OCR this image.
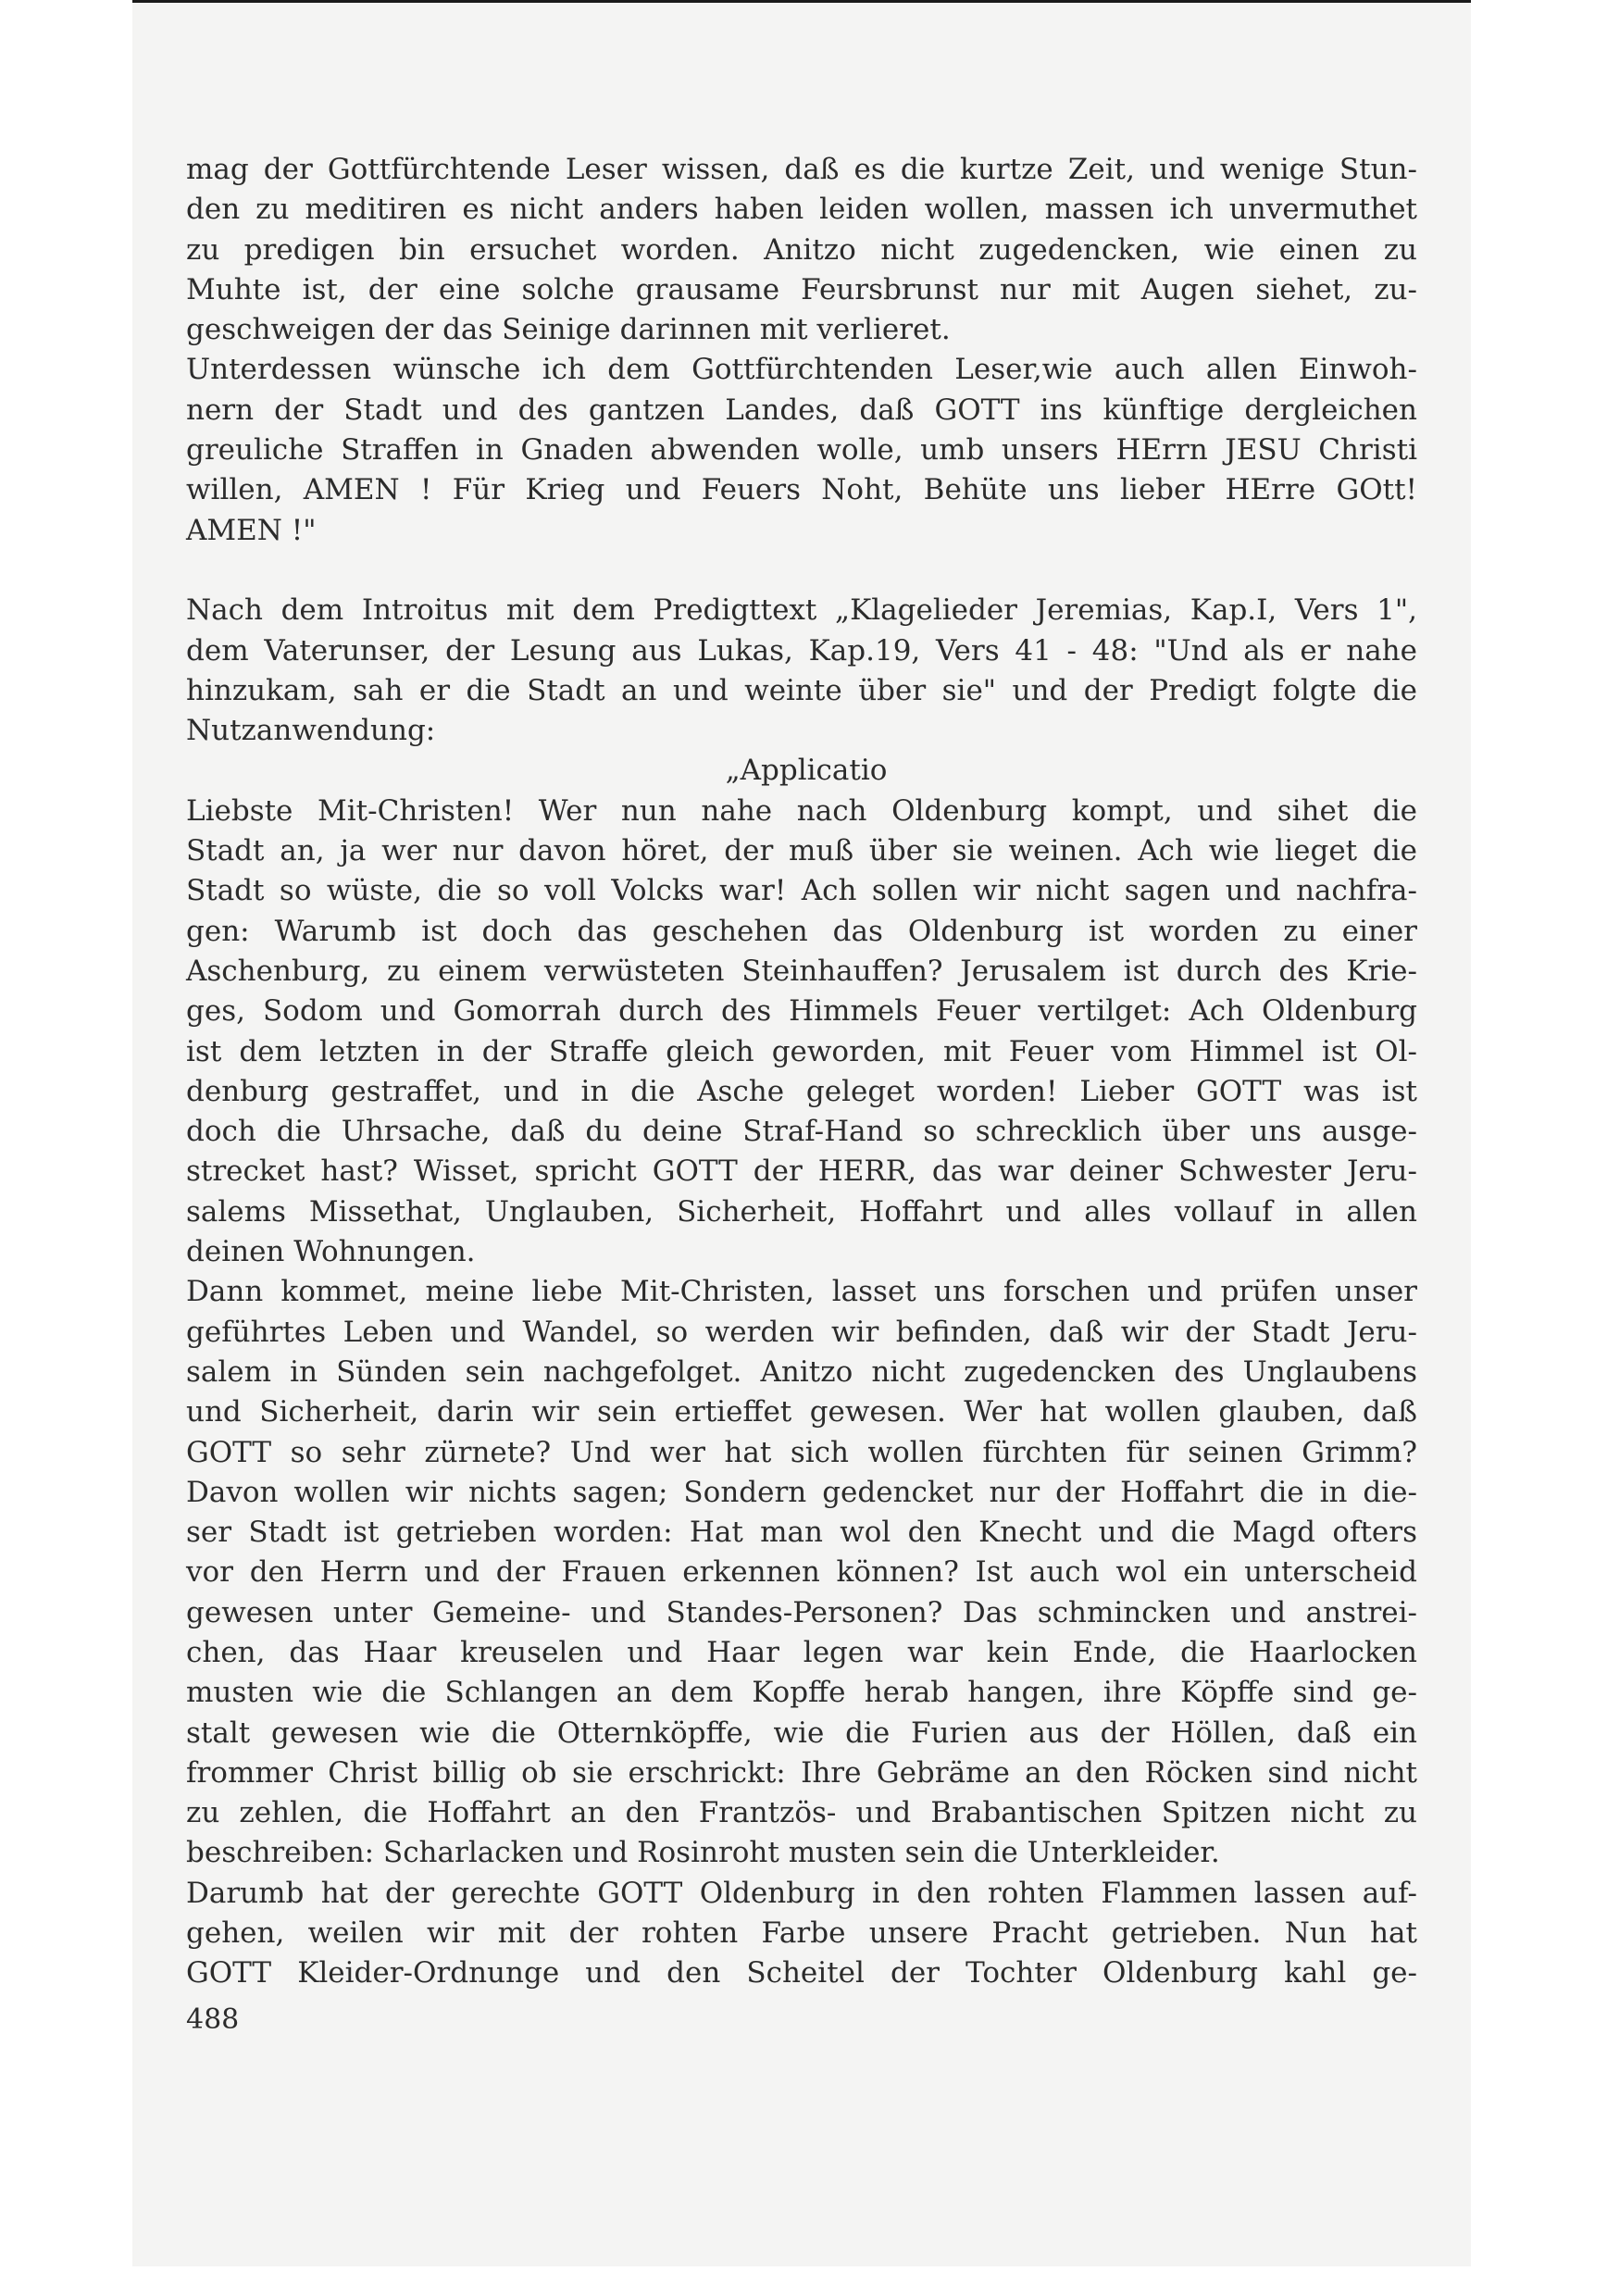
mag der Gottfürchtende Leser wissen, daß es die kurtze Zeit, und wenige Stun-
den zu meditiren es nicht anders haben leiden wollen, massen ich unvermuthet
zu predigen bin ersuchet worden. Anitzo nicht zugedencken, wie einen zu
Muhte ist, der eine solche grausame Feursbrunst nur mit Augen siehet, zu-
geschweigen der das Seinige darinnen mit verlieret.
Unterdessen wünsche ich dem Gottfürchtenden Leser,wie auch allen Einwoh-
nern der Stadt und des gantzen Landes, daß GOTT ins künftige dergleichen
greuliche Straffen in Gnaden abwenden wolle, umb unsers HErrn JESU Christi
willen, AMEN ! Für Krieg und Feuers Noht, Behüte uns lieber HErre GOtt!
AMEN !"
Nach dem Introitus mit dem Predigttext „Klagelieder Jeremias, Kap.I, Vers 1",
dem Vaterunser, der Lesung aus Lukas, Kap.19, Vers 41 - 48: "Und als er nahe
hinzukam, sah er die Stadt an und weinte über sie" und der Predigt folgte die
Nutzanwendung:
„Applicatio
Liebste Mit-Christen! Wer nun nahe nach Oldenburg kompt, und sihet die
Stadt an, ja wer nur davon höret, der muß über sie weinen. Ach wie lieget die
Stadt so wüste, die so voll Volcks war! Ach sollen wir nicht sagen und nachfra-
gen: Warumb ist doch das geschehen das Oldenburg ist worden zu einer
Aschenburg, zu einem verwüsteten Steinhauffen? Jerusalem ist durch des Krie-
ges, Sodom und Gomorrah durch des Himmels Feuer vertilget: Ach Oldenburg
ist dem letzten in der Straffe gleich geworden, mit Feuer vom Himmel ist Ol-
denburg gestraffet, und in die Asche geleget worden! Lieber GOTT was ist
doch die Uhrsache, daß du deine Straf-Hand so schrecklich über uns ausge-
strecket hast? Wisset, spricht GOTT der HERR, das war deiner Schwester Jeru-
salems Missethat, Unglauben, Sicherheit, Hoffahrt und alles vollauf in allen
deinen Wohnungen.
Dann kommet, meine liebe Mit-Christen, lasset uns forschen und prüfen unser
geführtes Leben und Wandel, so werden wir befinden, daß wir der Stadt Jeru-
salem in Sünden sein nachgefolget. Anitzo nicht zugedencken des Unglaubens
und Sicherheit, darin wir sein ertieffet gewesen. Wer hat wollen glauben, daß
GOTT so sehr zürnete? Und wer hat sich wollen fürchten für seinen Grimm?
Davon wollen wir nichts sagen; Sondern gedencket nur der Hoffahrt die in die-
ser Stadt ist getrieben worden: Hat man wol den Knecht und die Magd ofters
vor den Herrn und der Frauen erkennen können? Ist auch wol ein unterscheid
gewesen unter Gemeine- und Standes-Personen? Das schmincken und anstrei-
chen, das Haar kreuselen und Haar legen war kein Ende, die Haarlocken
musten wie die Schlangen an dem Kopffe herab hangen, ihre Köpffe sind ge-
stalt gewesen wie die Otternköpffe, wie die Furien aus der Höllen, daß ein
frommer Christ billig ob sie erschrickt: Ihre Gebräme an den Röcken sind nicht
zu zehlen, die Hoffahrt an den Frantzös- und Brabantischen Spitzen nicht zu
beschreiben: Scharlacken und Rosinroht musten sein die Unterkleider.
Darumb hat der gerechte GOTT Oldenburg in den rohten Flammen lassen auf-
gehen, weilen wir mit der rohten Farbe unsere Pracht getrieben. Nun hat
GOTT Kleider-Ordnunge und den Scheitel der Tochter Oldenburg kahl ge-
488
